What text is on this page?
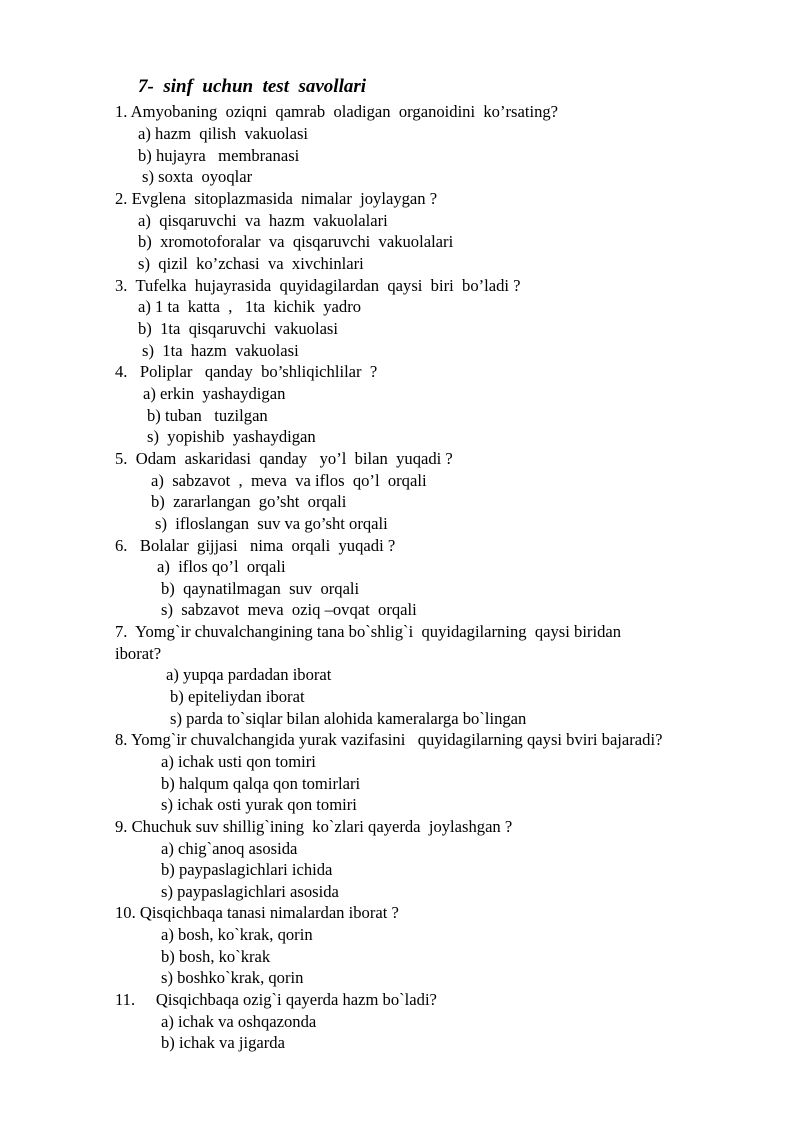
7-  sinf  uchun  test  savollari
1. Amyobaning  oziqni  qamrab  oladigan  organoidini  ko’rsating?
a) hazm  qilish  vakuolasi
b) hujayra   membranasi
s) soxta  oyoqlar
2. Evglena  sitoplazmasida  nimalar  joylaygan ?
a)  qisqaruvchi  va  hazm  vakuolalari
b)  xromotoforalar  va  qisqaruvchi  vakuolalari
s)  qizil  ko’zchasi  va  xivchinlari
3.  Tufelka  hujayrasida  quyidagilardan  qaysi  biri  bo’ladi ?
a) 1 ta  katta  ,   1ta  kichik  yadro
b)  1ta  qisqaruvchi  vakuolasi
s)  1ta  hazm  vakuolasi
4.   Poliplar   qanday  bo’shliqichlilar  ?
a) erkin  yashaydigan
b) tuban   tuzilgan
s)  yopishib  yashaydigan
5.  Odam  askaridasi  qanday   yo’l  bilan  yuqadi ?
a)  sabzavot  ,  meva  va iflos  qo’l  orqali
b)  zararlangan  go’sht  orqali
s)  ifloslangan  suv va go’sht orqali
6.   Bolalar  gijjasi   nima  orqali  yuqadi ?
a)  iflos qo’l  orqali
b)  qaynatilmagan  suv  orqali
s)  sabzavot  meva  oziq –ovqat  orqali
7.  Yomg`ir chuvalchangining tana bo`shlig`i  quyidagilarning  qaysi biridan
iborat?
a) yupqa pardadan iborat
b) epiteliydan iborat
s) parda to`siqlar bilan alohida kameralarga bo`lingan
8. Yomg`ir chuvalchangida yurak vazifasini   quyidagilarning qaysi bviri bajaradi?
a) ichak usti qon tomiri
b) halqum qalqa qon tomirlari
s) ichak osti yurak qon tomiri
9. Chuchuk suv shillig`ining  ko`zlari qayerda  joylashgan ?
a) chig`anoq asosida
b) paypaslagichlari ichida
s) paypaslagichlari asosida
10. Qisqichbaqa tanasi nimalardan iborat ?
a) bosh, ko`krak, qorin
b) bosh, ko`krak
s) boshko`krak, qorin
11.     Qisqichbaqa ozig`i qayerda hazm bo`ladi?
a) ichak va oshqazonda
b) ichak va jigarda
